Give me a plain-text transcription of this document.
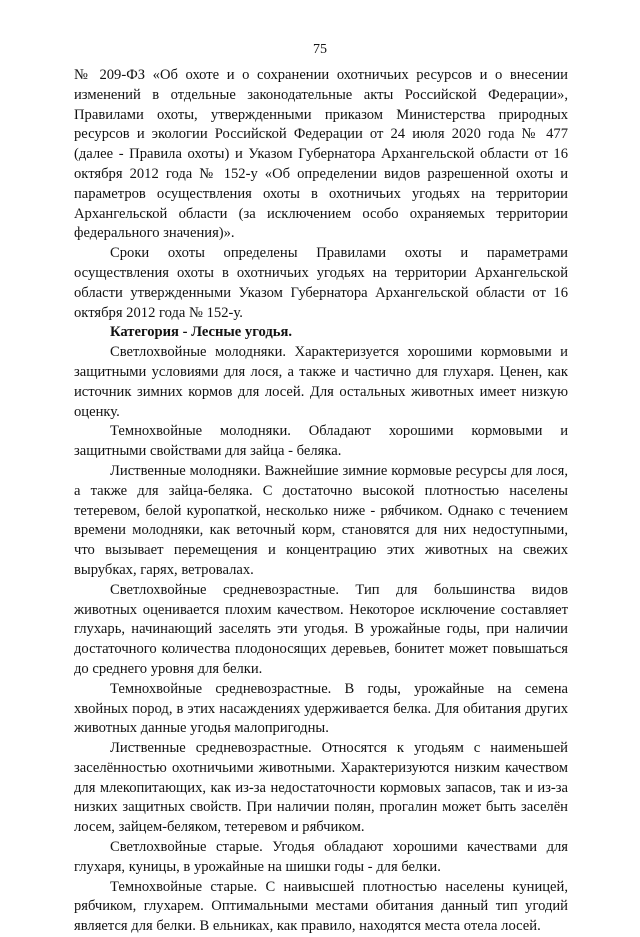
75

№ 209-ФЗ «Об охоте и о сохранении охотничьих ресурсов и о внесении изменений в отдельные законодательные акты Российской Федерации», Правилами охоты, утвержденными приказом Министерства природных ресурсов и экологии Российской Федерации от 24 июля 2020 года № 477 (далее - Правила охоты) и Указом Губернатора Архангельской области от 16 октября 2012 года № 152-у «Об определении видов разрешенной охоты и параметров осуществления охоты в охотничьих угодьях на территории Архангельской области (за исключением особо охраняемых территории федерального значения)».

Сроки охоты определены Правилами охоты и параметрами осуществления охоты в охотничьих угодьях на территории Архангельской области утвержденными Указом Губернатора Архангельской области от 16 октября 2012 года № 152-у.

Категория - Лесные угодья.

Светлохвойные молодняки. Характеризуется хорошими кормовыми и защитными условиями для лося, а также и частично для глухаря. Ценен, как источник зимних кормов для лосей. Для остальных животных имеет низкую оценку.

Темнохвойные молодняки. Обладают хорошими кормовыми и защитными свойствами для зайца - беляка.

Лиственные молодняки. Важнейшие зимние кормовые ресурсы для лося, а также для зайца-беляка. С достаточно высокой плотностью населены тетеревом, белой куропаткой, несколько ниже - рябчиком. Однако с течением времени молодняки, как веточный корм, становятся для них недоступными, что вызывает перемещения и концентрацию этих животных на свежих вырубках, гарях, ветровалах.

Светлохвойные средневозрастные. Тип для большинства видов животных оценивается плохим качеством. Некоторое исключение составляет глухарь, начинающий заселять эти угодья. В урожайные годы, при наличии достаточного количества плодоносящих деревьев, бонитет может повышаться до среднего уровня для белки.

Темнохвойные средневозрастные. В годы, урожайные на семена хвойных пород, в этих насаждениях удерживается белка. Для обитания других животных данные угодья малопригодны.

Лиственные средневозрастные. Относятся к угодьям с наименьшей заселённостью охотничьими животными. Характеризуются низким качеством для млекопитающих, как из-за недостаточности кормовых запасов, так и из-за низких защитных свойств. При наличии полян, прогалин может быть заселён лосем, зайцем-беляком, тетеревом и рябчиком.

Светлохвойные старые. Угодья обладают хорошими качествами для глухаря, куницы, в урожайные на шишки годы - для белки.

Темнохвойные старые. С наивысшей плотностью населены куницей, рябчиком, глухарем. Оптимальными местами обитания данный тип угодий является для белки. В ельниках, как правило, находятся места отела лосей.
